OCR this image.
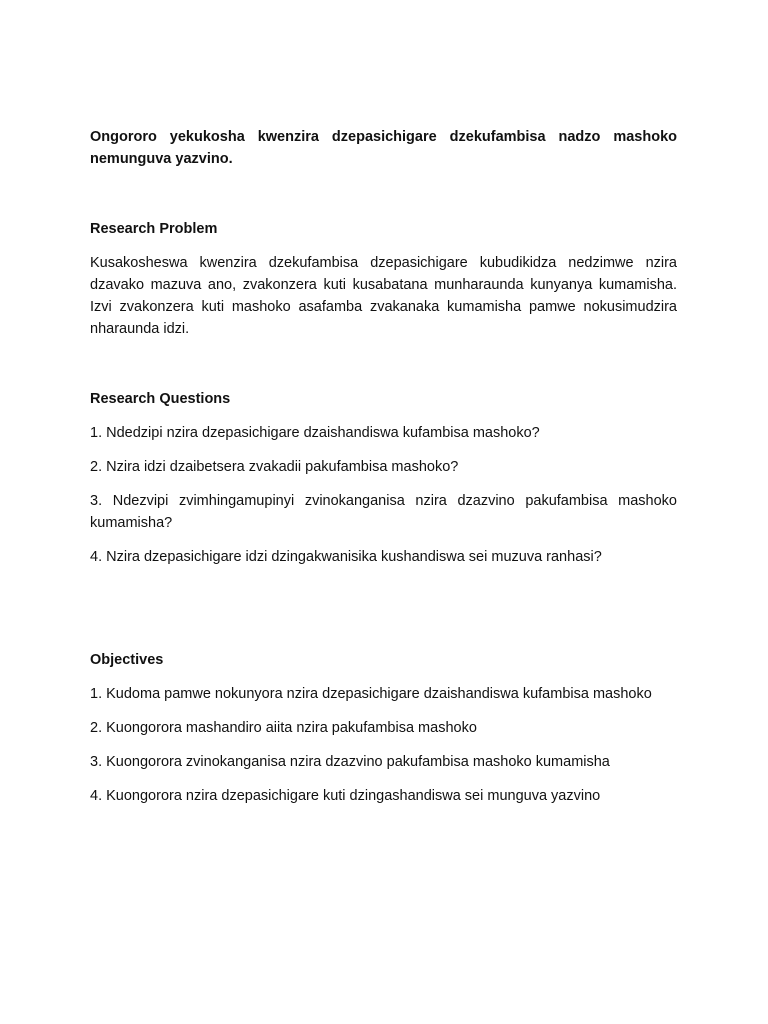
Ongororo yekukosha kwenzira dzepasichigare dzekufambisa nadzo mashoko nemunguva yazvino.

Research Problem

Kusakosheswa kwenzira dzekufambisa dzepasichigare kubudikidza nedzimwe nzira dzavako mazuva ano, zvakonzera kuti kusabatana munharaunda kunyanya kumamisha. Izvi zvakonzera kuti mashoko asafamba zvakanaka kumamisha pamwe nokusimudzira nharaunda idzi.

Research Questions

1. Ndedzipi nzira dzepasichigare dzaishandiswa kufambisa mashoko?
2. Nzira idzi dzaibetsera zvakadii pakufambisa mashoko?
3. Ndezvipi zvimhingamupinyi zvinokanganisa nzira dzazvino pakufambisa mashoko kumamisha?
4. Nzira dzepasichigare idzi dzingakwanisika kushandiswa sei muzuva ranhasi?

Objectives

1. Kudoma pamwe nokunyora nzira dzepasichigare dzaishandiswa kufambisa mashoko
2. Kuongorora mashandiro aiita nzira pakufambisa mashoko
3. Kuongorora zvinokanganisa nzira dzazvino pakufambisa mashoko kumamisha
4. Kuongorora nzira dzepasichigare kuti dzingashandiswa sei munguva yazvino
